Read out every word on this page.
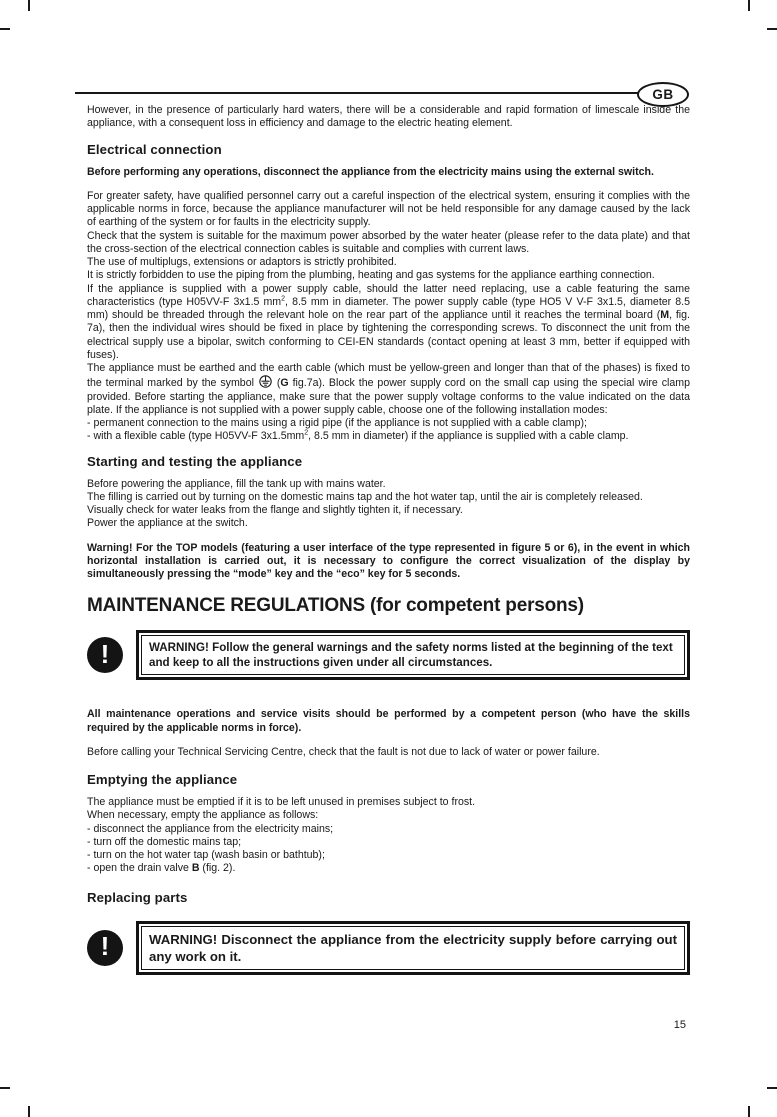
GB

However, in the presence of particularly hard waters, there will be a considerable and rapid formation of limescale inside the appliance, with a consequent loss in efficiency and damage to the electric heating element.

Electrical connection

Before performing any operations, disconnect the appliance from the electricity mains using the external switch.

For greater safety, have qualified personnel carry out a careful inspection of the electrical system, ensuring it complies with the applicable norms in force, because the appliance manufacturer will not be held responsible for any damage caused by the lack of earthing of the system or for faults in the electricity supply.

Check that the system is suitable for the maximum power absorbed by the water heater (please refer to the data plate) and that the cross-section of the electrical connection cables is suitable and complies with current laws.

The use of multiplugs, extensions or adaptors is strictly prohibited.

It is strictly forbidden to use the piping from the plumbing, heating and gas systems for the appliance earthing connection.

If the appliance is supplied with a power supply cable, should the latter need replacing, use a cable featuring the same characteristics (type H05VV-F 3x1.5 $mm^2$, 8.5 mm in diameter. The power supply cable (type HO5 V V-F 3x1.5, diameter 8.5 mm) should be threaded through the relevant hole on the rear part of the appliance until it reaches the terminal board (M, fig. 7a), then the individual wires should be fixed in place by tightening the corresponding screws. To disconnect the unit from the electrical supply use a bipolar, switch conforming to CEI-EN standards (contact opening at least 3 mm, better if equipped with fuses).

The appliance must be earthed and the earth cable (which must be yellow-green and longer than that of the phases) is fixed to the terminal marked by the symbol  (G fig.7a). Block the power supply cord on the small cap using the special wire clamp provided. Before starting the appliance, make sure that the power supply voltage conforms to the value indicated on the data plate. If the appliance is not supplied with a power supply cable, choose one of the following installation modes:

- permanent connection to the mains using a rigid pipe (if the appliance is not supplied with a cable clamp);

- with a flexible cable (type H05VV-F $3x1.5mm^2$, 8.5 mm in diameter) if the appliance is supplied with a cable clamp.

Starting and testing the appliance

Before powering the appliance, fill the tank up with mains water.

The filling is carried out by turning on the domestic mains tap and the hot water tap, until the air is completely released.

Visually check for water leaks from the flange and slightly tighten it, if necessary.

Power the appliance at the switch.

Warning! For the TOP models (featuring a user interface of the type represented in figure 5 or 6), in the event in which horizontal installation is carried out, it is necessary to configure the correct visualization of the display by simultaneously pressing the “mode” key and the “eco” key for 5 seconds.

MAINTENANCE REGULATIONS (for competent persons)
!	WARNING! Follow the general warnings and the safety norms listed at the beginning of the text and keep to all the instructions given under all circumstances.

All maintenance operations and service visits should be performed by a competent person (who have the skills required by the applicable norms in force).

Before calling your Technical Servicing Centre, check that the fault is not due to lack of water or power failure.

Emptying the appliance

The appliance must be emptied if it is to be left unused in premises subject to frost.

When necessary, empty the appliance as follows:

- disconnect the appliance from the electricity mains;

- turn off the domestic mains tap;

- turn on the hot water tap (wash basin or bathtub);

- open the drain valve B (fig. 2).

Replacing parts
!	WARNING! Disconnect the appliance from the electricity supply before carrying out any work on it.

15
